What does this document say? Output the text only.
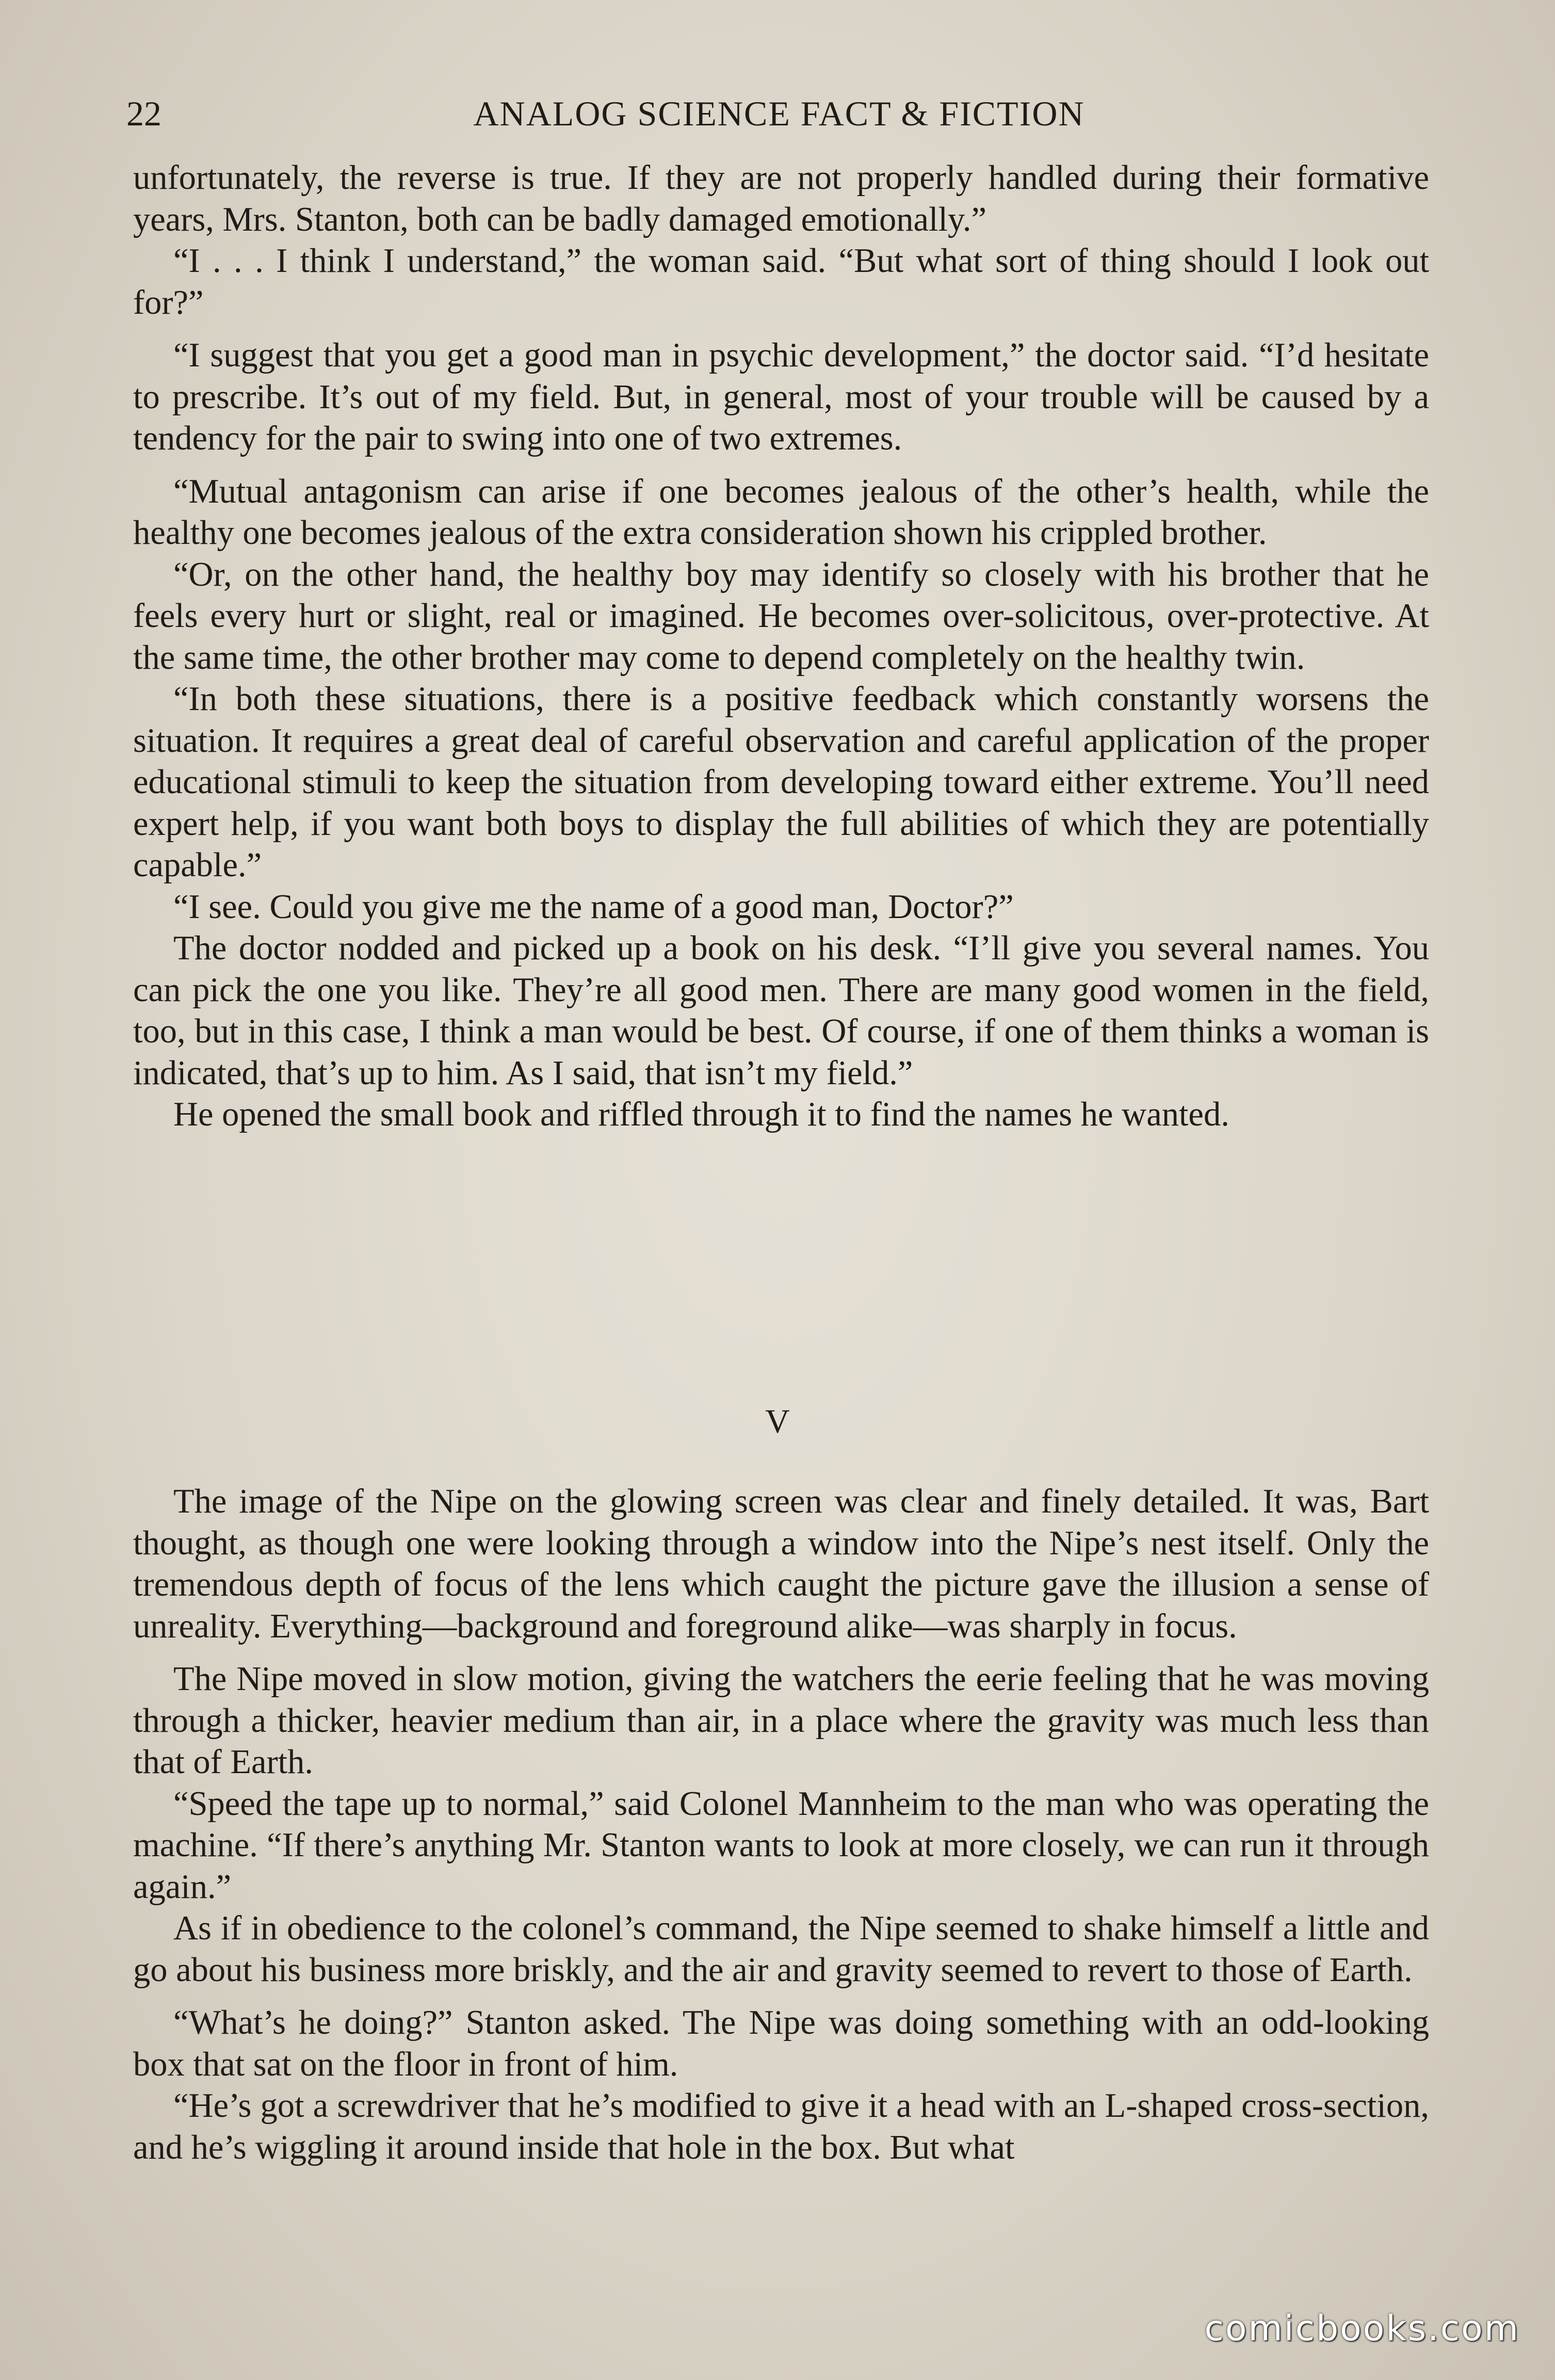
22	ANALOG SCIENCE FACT & FICTION

unfortunately, the reverse is true. If they are not properly handled during their formative years, Mrs. Stanton, both can be badly damaged emotionally.”

“I . . . I think I understand,” the woman said. “But what sort of thing should I look out for?”

“I suggest that you get a good man in psychic development,” the doctor said. “I’d hesitate to prescribe. It’s out of my field. But, in general, most of your trouble will be caused by a tendency for the pair to swing into one of two extremes.

“Mutual antagonism can arise if one becomes jealous of the other’s health, while the healthy one becomes jealous of the extra consideration shown his crippled brother.

“Or, on the other hand, the healthy boy may identify so closely with his brother that he feels every hurt or slight, real or imagined. He becomes over-solicitous, over-protective. At the same time, the other brother may come to depend completely on the healthy twin.

“In both these situations, there is a positive feedback which constantly worsens the situation. It requires a great deal of careful observation and careful application of the proper educational stimuli to keep the situation from developing toward either extreme. You’ll need expert help, if you want both boys to display the full abilities of which they are potentially capable.”

“I see. Could you give me the name of a good man, Doctor?”

The doctor nodded and picked up a book on his desk. “I’ll give you several names. You can pick the one you like. They’re all good men. There are many good women in the field, too, but in this case, I think a man would be best. Of course, if one of them thinks a woman is indicated, that’s up to him. As I said, that isn’t my field.”

He opened the small book and riffled through it to find the names he wanted.

V

The image of the Nipe on the glowing screen was clear and finely detailed. It was, Bart thought, as though one were looking through a window into the Nipe’s nest itself. Only the tremendous depth of focus of the lens which caught the picture gave the illusion a sense of unreality. Everything—background and foreground alike—was sharply in focus.

The Nipe moved in slow motion, giving the watchers the eerie feeling that he was moving through a thicker, heavier medium than air, in a place where the gravity was much less than that of Earth.

“Speed the tape up to normal,” said Colonel Mannheim to the man who was operating the machine. “If there’s anything Mr. Stanton wants to look at more closely, we can run it through again.”

As if in obedience to the colonel’s command, the Nipe seemed to shake himself a little and go about his business more briskly, and the air and gravity seemed to revert to those of Earth.

“What’s he doing?” Stanton asked. The Nipe was doing something with an odd-looking box that sat on the floor in front of him.

“He’s got a screwdriver that he’s modified to give it a head with an L-shaped cross-section, and he’s wiggling it around inside that hole in the box. But what

comicbooks.com
